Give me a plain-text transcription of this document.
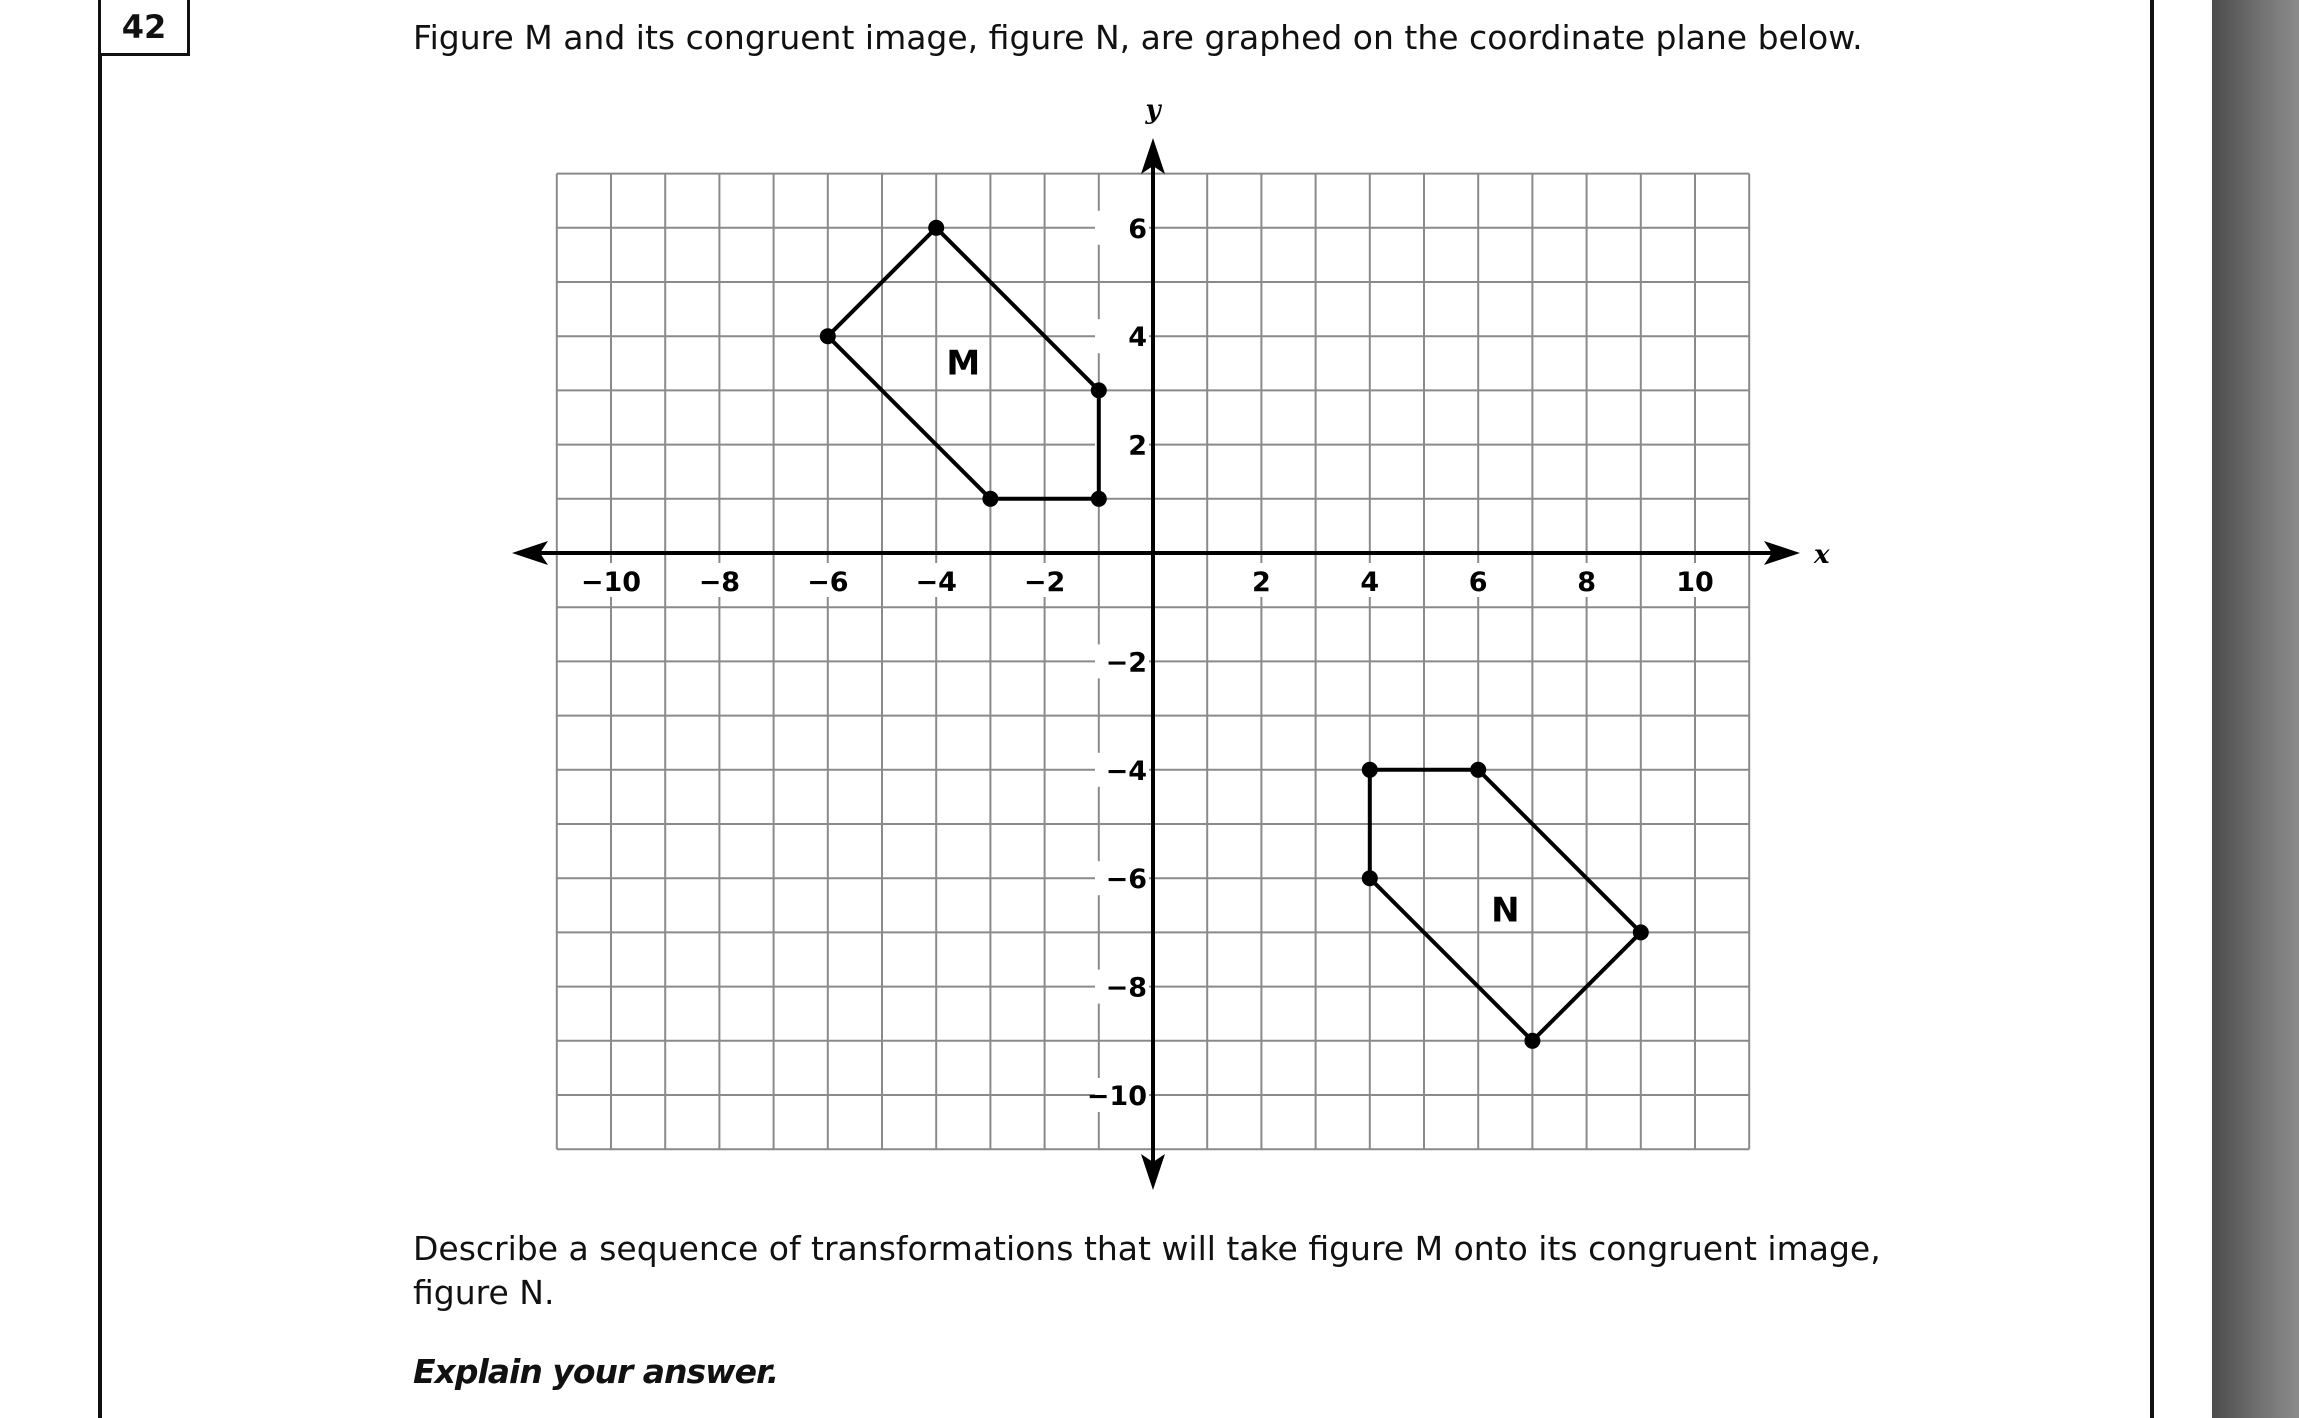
42	Figure M and its congruent image, figure N, are graphed on the coordinate plane below.
x
y
−10 −8 −6 −4 −2	2	4	6	8	10
6
4
2
−2
−4
−6
−8
−10
M
N
Describe a sequence of transformations that will take figure M onto its congruent image, figure N.
Explain your answer.
